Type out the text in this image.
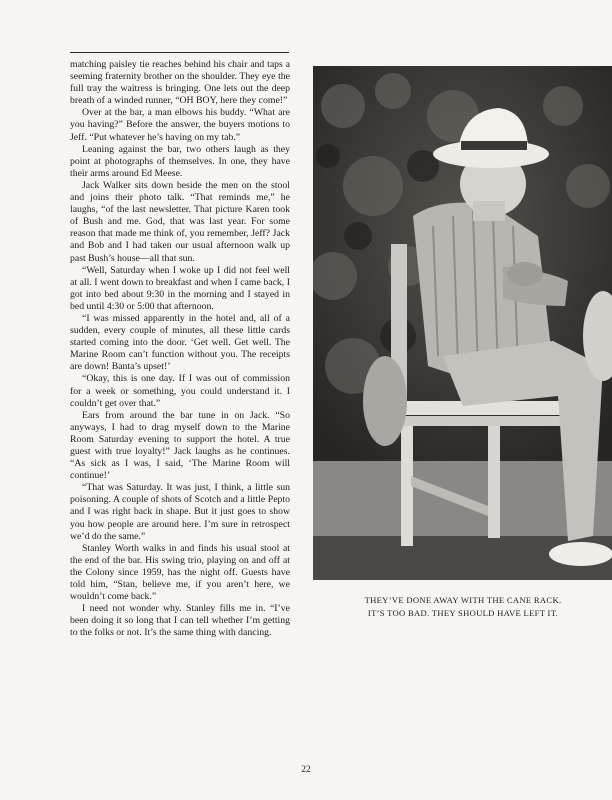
matching paisley tie reaches behind his chair and taps a seeming fraternity brother on the shoulder. They eye the full tray the waitress is bringing. One lets out the deep breath of a winded runner, “OH BOY, here they come!”

Over at the bar, a man elbows his buddy. “What are you having?” Before the answer, the buyers motions to Jeff. “Put whatever he’s having on my tab.”

Leaning against the bar, two others laugh as they point at photographs of themselves. In one, they have their arms around Ed Meese.

Jack Walker sits down beside the men on the stool and joins their photo talk. “That reminds me,” he laughs, “of the last newsletter. That picture Karen took of Bush and me. God, that was last year. For some reason that made me think of, you remember, Jeff? Jack and Bob and I had taken our usual afternoon walk up past Bush’s house—all that sun.

“Well, Saturday when I woke up I did not feel well at all. I went down to breakfast and when I came back, I got into bed about 9:30 in the morning and I stayed in bed until 4:30 or 5:00 that afternoon.

“I was missed apparently in the hotel and, all of a sudden, every couple of minutes, all these little cards started coming into the door. ‘Get well. Get well. The Marine Room can’t function without you. The receipts are down! Banta’s upset!’

“Okay, this is one day. If I was out of commission for a week or something, you could understand it. I couldn’t get over that.”

Ears from around the bar tune in on Jack. “So anyways, I had to drag myself down to the Marine Room Saturday evening to support the hotel. A true guest with true loyalty!” Jack laughs as he continues. “As sick as I was, I said, ‘The Marine Room will continue!’

“That was Saturday. It was just, I think, a little sun poisoning. A couple of shots of Scotch and a little Pepto and I was right back in shape. But it just goes to show you how people are around here. I’m sure in retrospect we’d do the same.”

Stanley Worth walks in and finds his usual stool at the end of the bar. His swing trio, playing on and off at the Colony since 1959, has the night off. Guests have told him, “Stan, believe me, if you aren’t here, we wouldn’t come back.”

I need not wonder why. Stanley fills me in. “I’ve been doing it so long that I can tell whether I’m getting to the folks or not. It’s the same thing with dancing.

THEY’VE DONE AWAY WITH THE CANE RACK.
IT’S TOO BAD. THEY SHOULD HAVE LEFT IT.
22
